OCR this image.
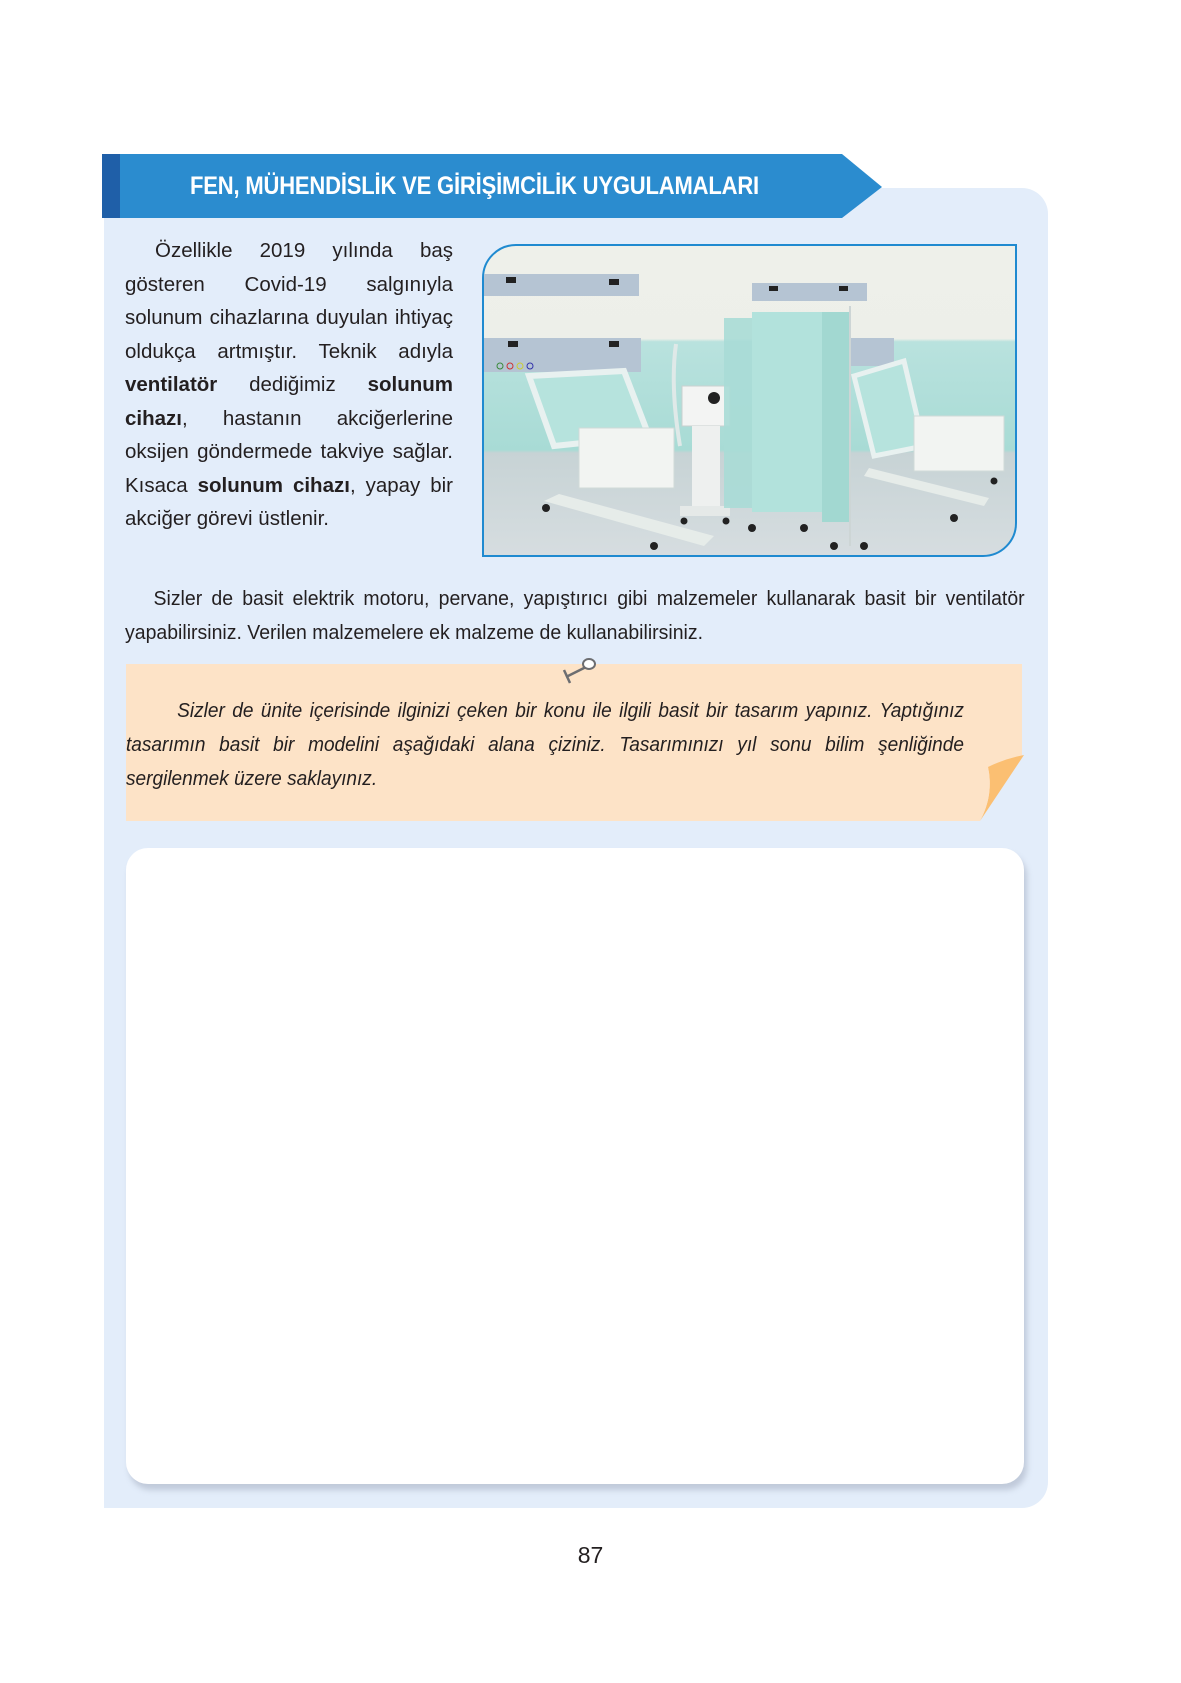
FEN, MÜHENDİSLİK VE GİRİŞİMCİLİK UYGULAMALARI

Özellikle 2019 yılında baş gösteren Covid-19 salgınıyla solunum cihazlarına duyulan ihtiyaç oldukça artmıştır. Teknik adıyla ventilatör dediğimiz solunum cihazı, hastanın akciğerlerine oksijen göndermede takviye sağlar. Kısaca solunum cihazı, yapay bir akciğer görevi üstlenir.

Sizler de basit elektrik motoru, pervane, yapıştırıcı gibi malzemeler kullanarak basit bir ventilatör yapabilirsiniz. Verilen malzemelere ek malzeme de kullanabilirsiniz.

Sizler de ünite içerisinde ilginizi çeken bir konu ile ilgili basit bir tasarım yapınız. Yaptığınız tasarımın basit bir modelini aşağıdaki alana çiziniz. Tasarımınızı yıl sonu bilim şenliğinde sergilenmek üzere saklayınız.

87
